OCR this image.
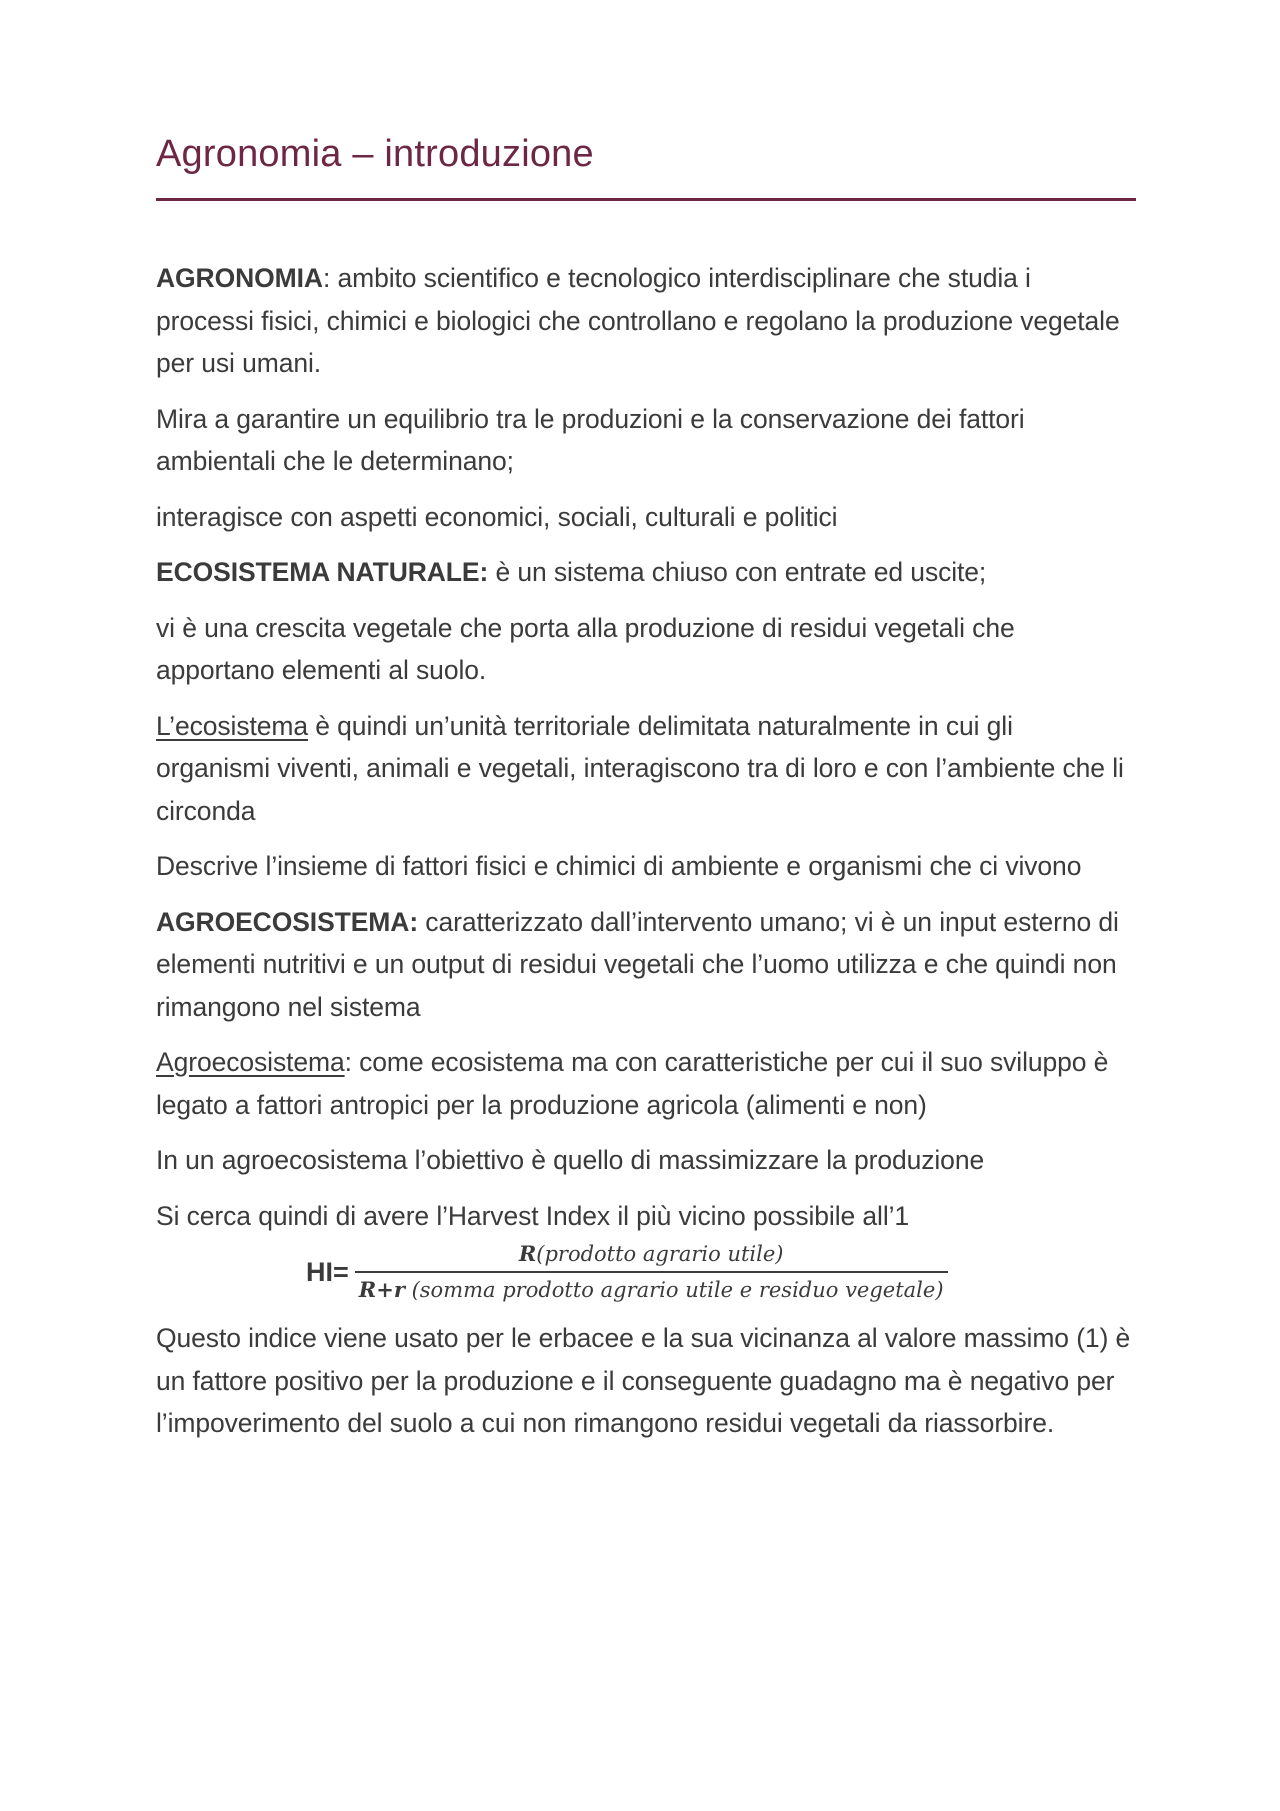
Agronomia – introduzione

AGRONOMIA: ambito scientifico e tecnologico interdisciplinare che studia i processi fisici, chimici e biologici che controllano e regolano la produzione vegetale per usi umani.

Mira a garantire un equilibrio tra le produzioni e la conservazione dei fattori ambientali che le determinano;

interagisce con aspetti economici, sociali, culturali e politici

ECOSISTEMA NATURALE: è un sistema chiuso con entrate ed uscite;

vi è una crescita vegetale che porta alla produzione di residui vegetali che apportano elementi al suolo.

L’ecosistema è quindi un’unità territoriale delimitata naturalmente in cui gli organismi viventi, animali e vegetali, interagiscono tra di loro e con l’ambiente che li circonda

Descrive l’insieme di fattori fisici e chimici di ambiente e organismi che ci vivono

AGROECOSISTEMA: caratterizzato dall’intervento umano; vi è un input esterno di elementi nutritivi e un output di residui vegetali che l’uomo utilizza e che quindi non rimangono nel sistema

Agroecosistema: come ecosistema ma con caratteristiche per cui il suo sviluppo è legato a fattori antropici per la produzione agricola (alimenti e non)

In un agroecosistema l’obiettivo è quello di massimizzare la produzione

Si cerca quindi di avere l’Harvest Index il più vicino possibile all’1

$HI= \frac{\text{R(prodotto agrario utile)}}{\text{R+r (somma prodotto agrario utile e residuo vegetale)}}$

Questo indice viene usato per le erbacee e la sua vicinanza al valore massimo (1) è un fattore positivo per la produzione e il conseguente guadagno ma è negativo per l’impoverimento del suolo a cui non rimangono residui vegetali da riassorbire.
